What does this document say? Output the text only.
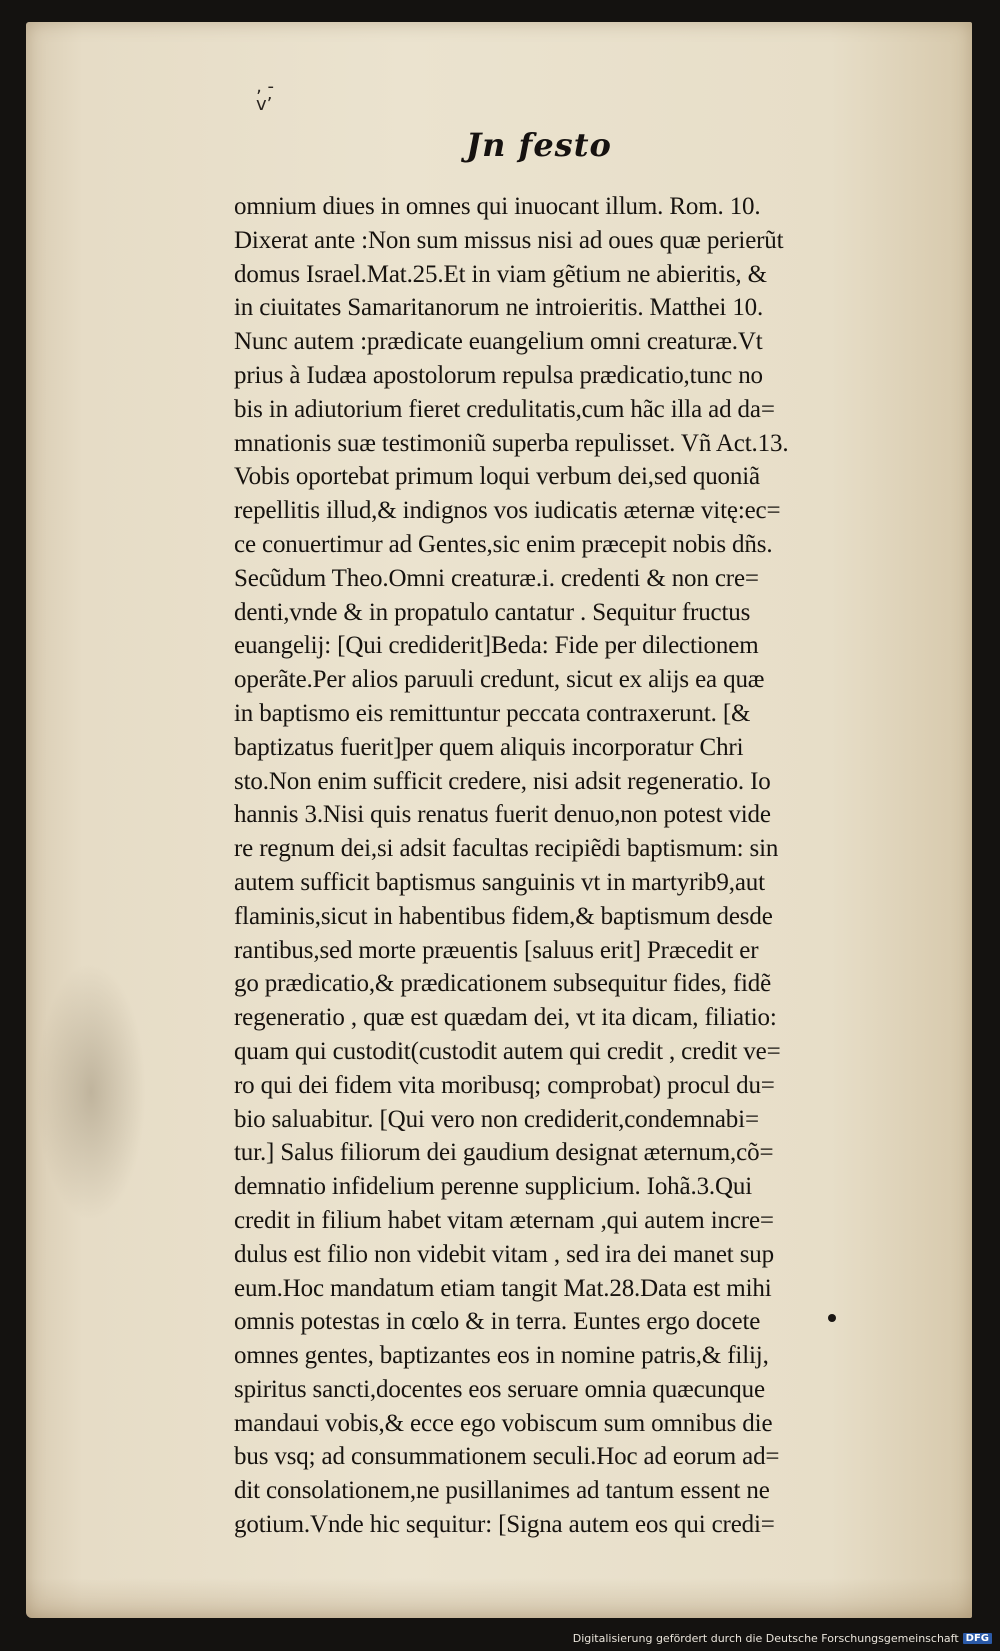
‚ ‑
v’
Jn festo
omnium diues in omnes qui inuocant illum. Rom. 10.
Dixerat ante :Non sum missus nisi ad oues quæ perierũt
domus Israel.Mat.25.Et in viam gẽtium ne abieritis, &
in ciuitates Samaritanorum ne introieritis. Matthei 10.
Nunc autem :prædicate euangelium omni creaturæ.Vt
prius à Iudæa apostolorum repulsa prædicatio,tunc no
bis in adiutorium fieret credulitatis,cum hãc illa ad da=
mnationis suæ testimoniũ superba repulisset. Vñ Act.13.
Vobis oportebat primum loqui verbum dei,sed quoniã
repellitis illud,& indignos vos iudicatis æternæ vitę:ec=
ce conuertimur ad Gentes,sic enim præcepit nobis dñs.
Secũdum Theo.Omni creaturæ.i. credenti & non cre=
denti,vnde & in propatulo cantatur . Sequitur fructus
euangelij: [Qui crediderit]Beda: Fide per dilectionem
operãte.Per alios paruuli credunt, sicut ex alijs ea quæ
in baptismo eis remittuntur peccata contraxerunt. [&
baptizatus fuerit]per quem aliquis incorporatur Chri
sto.Non enim sufficit credere, nisi adsit regeneratio. Io
hannis 3.Nisi quis renatus fuerit denuo,non potest vide
re regnum dei,si adsit facultas recipiẽdi baptismum: sin
autem sufficit baptismus sanguinis vt in martyrib9,aut
flaminis,sicut in habentibus fidem,& baptismum desde
rantibus,sed morte præuentis [saluus erit] Præcedit er
go prædicatio,& prædicationem subsequitur fides, fidẽ
regeneratio , quæ est quædam dei, vt ita dicam, filiatio:
quam qui custodit(custodit autem qui credit , credit ve=
ro qui dei fidem vita moribusq; comprobat) procul du=
bio saluabitur. [Qui vero non crediderit,condemnabi=
tur.] Salus filiorum dei gaudium designat æternum,cõ=
demnatio infidelium perenne supplicium. Iohã.3.Qui
credit in filium habet vitam æternam ,qui autem incre=
dulus est filio non videbit vitam , sed ira dei manet sup
eum.Hoc mandatum etiam tangit Mat.28.Data est mihi
omnis potestas in cœlo & in terra. Euntes ergo docete
omnes gentes, baptizantes eos in nomine patris,& filij,
spiritus sancti,docentes eos seruare omnia quæcunque
mandaui vobis,& ecce ego vobiscum sum omnibus die
bus vsq; ad consummationem seculi.Hoc ad eorum ad=
dit consolationem,ne pusillanimes ad tantum essent ne
gotium.Vnde hic sequitur: [Signa autem eos qui credi=
Digitalisierung gefördert durch die Deutsche Forschungsgemeinschaft DFG
